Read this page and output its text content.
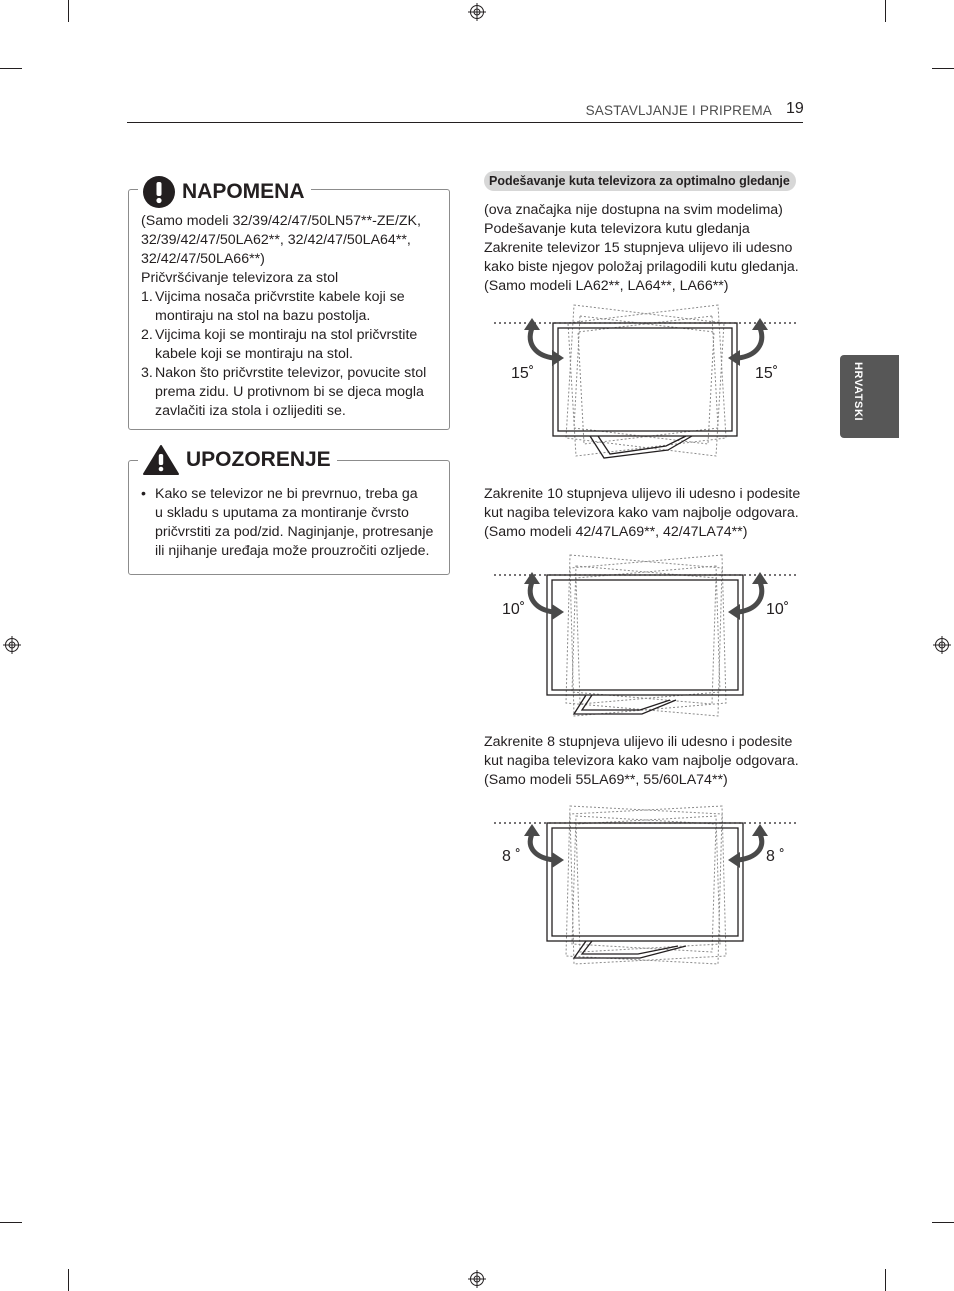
SASTAVLJANJE I PRIPREMA 19
HRVATSKI
NAPOMENA
(Samo modeli 32/39/42/47/50LN57**-ZE/ZK,
32/39/42/47/50LA62**, 32/42/47/50LA64**,
32/42/47/50LA66**)
Pričvršćivanje televizora za stol
1. Vijcima nosača pričvrstite kabele koji se
montiraju na stol na bazu postolja.
2. Vijcima koji se montiraju na stol pričvrstite
kabele koji se montiraju na stol.
3. Nakon što pričvrstite televizor, povucite stol
prema zidu. U protivnom bi se djeca mogla
zavlačiti iza stola i ozlijediti se.
UPOZORENJE
• Kako se televizor ne bi prevrnuo, treba ga
u skladu s uputama za montiranje čvrsto
pričvrstiti za pod/zid. Naginjanje, protresanje
ili njihanje uređaja može prouzročiti ozljede.
Podešavanje kuta televizora za optimalno gledanje
(ova značajka nije dostupna na svim modelima)
Podešavanje kuta televizora kutu gledanja
Zakrenite televizor 15 stupnjeva ulijevo ili udesno
kako biste njegov položaj prilagodili kutu gledanja.
(Samo modeli LA62**, LA64**, LA66**)
15˚	15˚
Zakrenite 10 stupnjeva ulijevo ili udesno i podesite
kut nagiba televizora kako vam najbolje odgovara.
(Samo modeli 42/47LA69**, 42/47LA74**)
10˚	10˚
Zakrenite 8 stupnjeva ulijevo ili udesno i podesite
kut nagiba televizora kako vam najbolje odgovara.
(Samo modeli 55LA69**, 55/60LA74**)
8 ˚	8 ˚
